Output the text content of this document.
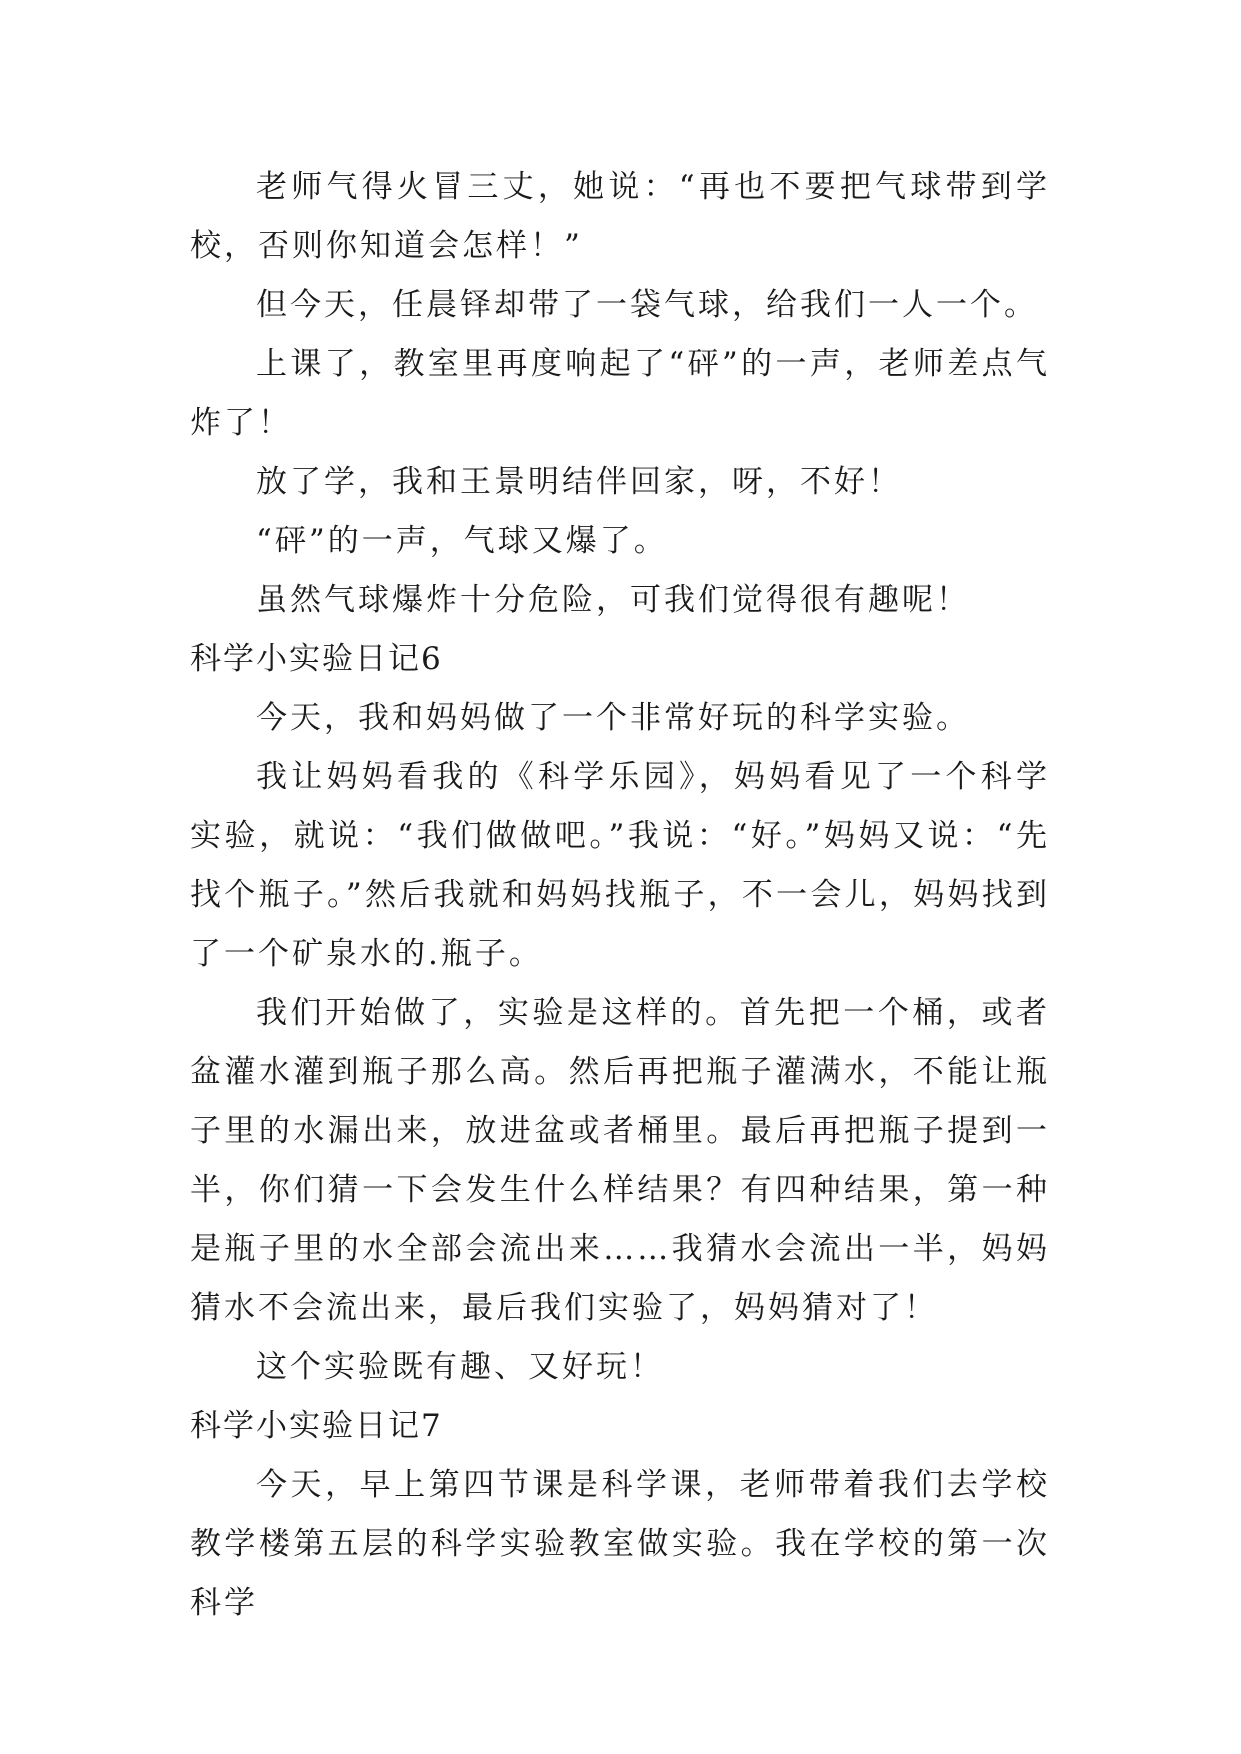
老师气得火冒三丈，她说：“再也不要把气球带到学校，否则你知道会怎样！”

但今天，任晨铎却带了一袋气球，给我们一人一个。

上课了，教室里再度响起了“砰”的一声，老师差点气炸了！

放了学，我和王景明结伴回家，呀，不好！

“砰”的一声，气球又爆了。

虽然气球爆炸十分危险，可我们觉得很有趣呢！

科学小实验日记6

今天，我和妈妈做了一个非常好玩的科学实验。

我让妈妈看我的《科学乐园》，妈妈看见了一个科学实验，就说：“我们做做吧。”我说：“好。”妈妈又说：“先找个瓶子。”然后我就和妈妈找瓶子，不一会儿，妈妈找到了一个矿泉水的.瓶子。

我们开始做了，实验是这样的。首先把一个桶，或者盆灌水灌到瓶子那么高。然后再把瓶子灌满水，不能让瓶子里的水漏出来，放进盆或者桶里。最后再把瓶子提到一半，你们猜一下会发生什么样结果？有四种结果，第一种是瓶子里的水全部会流出来……我猜水会流出一半，妈妈猜水不会流出来，最后我们实验了，妈妈猜对了！

这个实验既有趣、又好玩！

科学小实验日记7

今天，早上第四节课是科学课，老师带着我们去学校教学楼第五层的科学实验教室做实验。我在学校的第一次科学
